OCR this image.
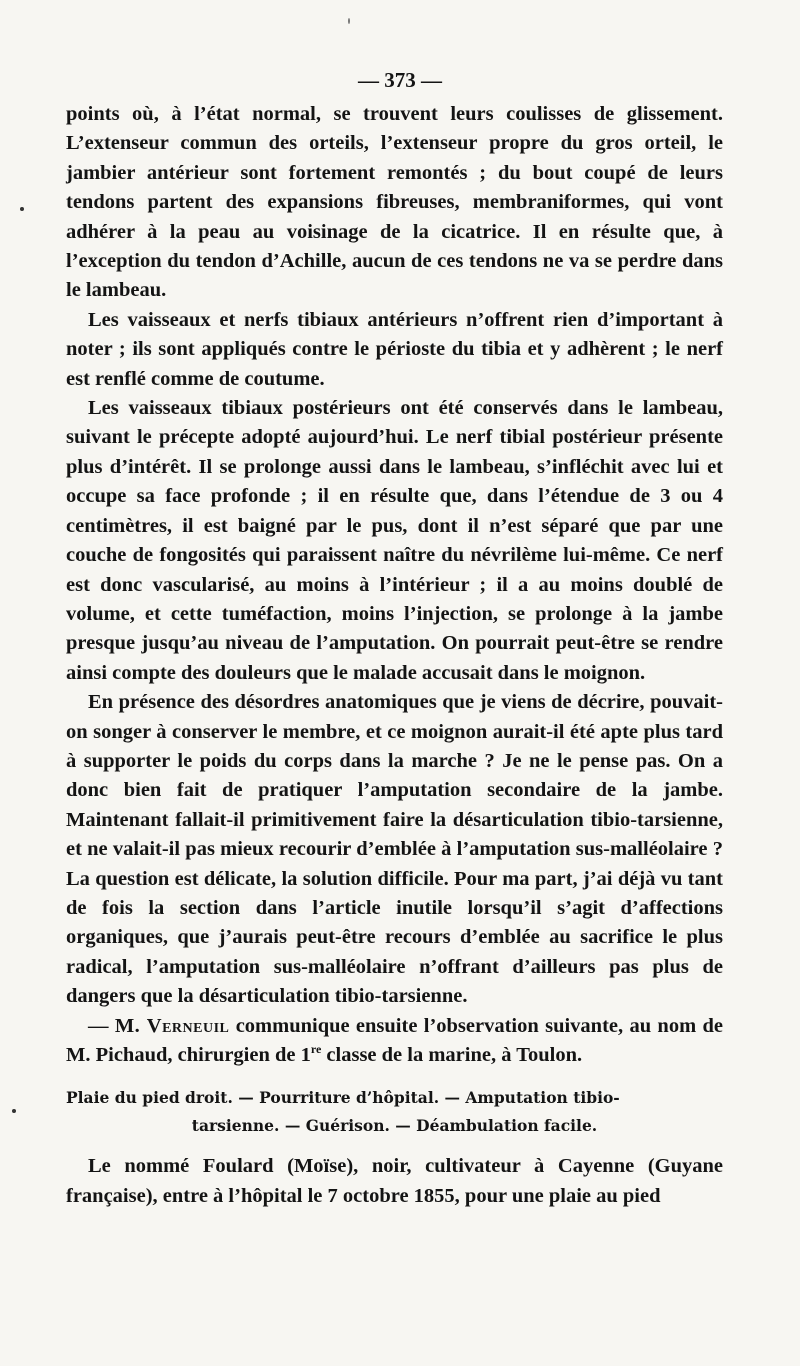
— 373 —

points où, à l’état normal, se trouvent leurs coulisses de glissement. L’extenseur commun des orteils, l’extenseur propre du gros orteil, le jambier antérieur sont fortement remontés ; du bout coupé de leurs tendons partent des expansions fibreuses, membraniformes, qui vont adhérer à la peau au voisinage de la cicatrice. Il en résulte que, à l’exception du tendon d’Achille, aucun de ces tendons ne va se perdre dans le lambeau.

Les vaisseaux et nerfs tibiaux antérieurs n’offrent rien d’important à noter ; ils sont appliqués contre le périoste du tibia et y adhèrent ; le nerf est renflé comme de coutume.

Les vaisseaux tibiaux postérieurs ont été conservés dans le lambeau, suivant le précepte adopté aujourd’hui. Le nerf tibial postérieur présente plus d’intérêt. Il se prolonge aussi dans le lambeau, s’infléchit avec lui et occupe sa face profonde ; il en résulte que, dans l’étendue de 3 ou 4 centimètres, il est baigné par le pus, dont il n’est séparé que par une couche de fongosités qui paraissent naître du névrilème lui-même. Ce nerf est donc vascularisé, au moins à l’intérieur ; il a au moins doublé de volume, et cette tuméfaction, moins l’injection, se prolonge à la jambe presque jusqu’au niveau de l’amputation. On pourrait peut-être se rendre ainsi compte des douleurs que le malade accusait dans le moignon.

En présence des désordres anatomiques que je viens de décrire, pouvait-on songer à conserver le membre, et ce moignon aurait-il été apte plus tard à supporter le poids du corps dans la marche ? Je ne le pense pas. On a donc bien fait de pratiquer l’amputation secondaire de la jambe. Maintenant fallait-il primitivement faire la désarticulation tibio-tarsienne, et ne valait-il pas mieux recourir d’emblée à l’amputation sus-malléolaire ? La question est délicate, la solution difficile. Pour ma part, j’ai déjà vu tant de fois la section dans l’article inutile lorsqu’il s’agit d’affections organiques, que j’aurais peut-être recours d’emblée au sacrifice le plus radical, l’amputation sus-malléolaire n’offrant d’ailleurs pas plus de dangers que la désarticulation tibio-tarsienne.

— M. Verneuil communique ensuite l’observation suivante, au nom de M. Pichaud, chirurgien de 1re classe de la marine, à Toulon.

Plaie du pied droit. — Pourriture d’hôpital. — Amputation tibio-
tarsienne. — Guérison. — Déambulation facile.

Le nommé Foulard (Moïse), noir, cultivateur à Cayenne (Guyane française), entre à l’hôpital le 7 octobre 1855, pour une plaie au pied
